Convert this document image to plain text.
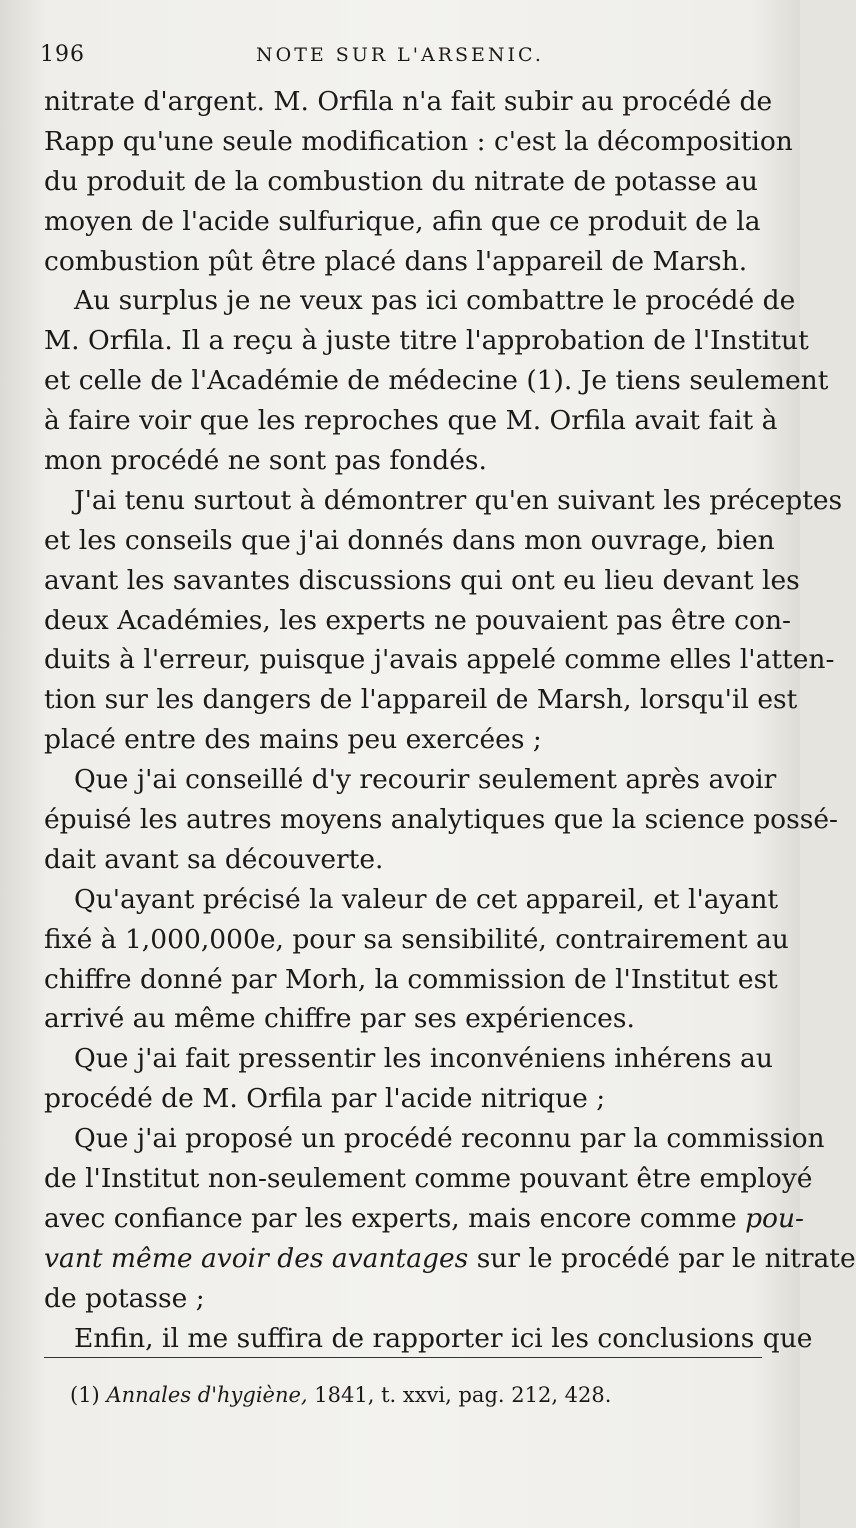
196	NOTE SUR L'ARSENIC.
nitrate d'argent. M. Orfila n'a fait subir au procédé de
Rapp qu'une seule modification : c'est la décomposition
du produit de la combustion du nitrate de potasse au
moyen de l'acide sulfurique, afin que ce produit de la
combustion pût être placé dans l'appareil de Marsh.
Au surplus je ne veux pas ici combattre le procédé de
M. Orfila. Il a reçu à juste titre l'approbation de l'Institut
et celle de l'Académie de médecine (1). Je tiens seulement
à faire voir que les reproches que M. Orfila avait fait à
mon procédé ne sont pas fondés.
J'ai tenu surtout à démontrer qu'en suivant les préceptes
et les conseils que j'ai donnés dans mon ouvrage, bien
avant les savantes discussions qui ont eu lieu devant les
deux Académies, les experts ne pouvaient pas être con-
duits à l'erreur, puisque j'avais appelé comme elles l'atten-
tion sur les dangers de l'appareil de Marsh, lorsqu'il est
placé entre des mains peu exercées ;
Que j'ai conseillé d'y recourir seulement après avoir
épuisé les autres moyens analytiques que la science possé-
dait avant sa découverte.
Qu'ayant précisé la valeur de cet appareil, et l'ayant
fixé à 1,000,000e, pour sa sensibilité, contrairement au
chiffre donné par Morh, la commission de l'Institut est
arrivé au même chiffre par ses expériences.
Que j'ai fait pressentir les inconvéniens inhérens au
procédé de M. Orfila par l'acide nitrique ;
Que j'ai proposé un procédé reconnu par la commission
de l'Institut non-seulement comme pouvant être employé
avec confiance par les experts, mais encore comme pou-
vant même avoir des avantages sur le procédé par le nitrate
de potasse ;
Enfin, il me suffira de rapporter ici les conclusions que
(1) Annales d'hygiène, 1841, t. xxvi, pag. 212, 428.
